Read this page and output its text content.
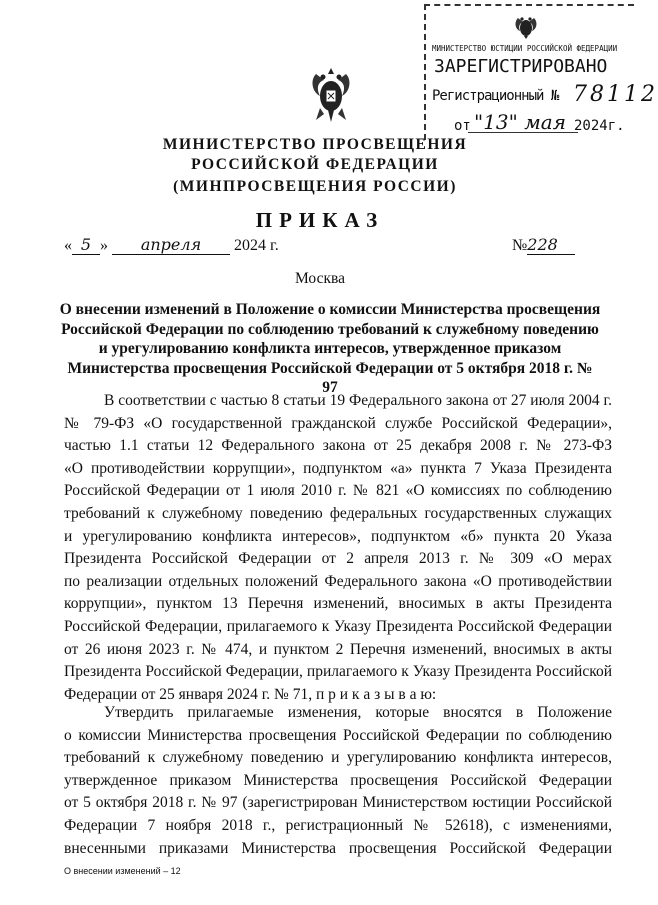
МИНИСТЕРСТВО ЮСТИЦИИ РОССИЙСКОЙ ФЕДЕРАЦИИ
ЗАРЕГИСТРИРОВАНО
Регистрационный № 78112
от "13" мая 2024г.
МИНИСТЕРСТВО ПРОСВЕЩЕНИЯ
РОССИЙСКОЙ ФЕДЕРАЦИИ
(МИНПРОСВЕЩЕНИЯ РОССИИ)
ПРИКАЗ
« 5 » апреля 2024 г.	№228
Москва
О внесении изменений в Положение о комиссии Министерства просвещения
Российской Федерации по соблюдению требований к служебному поведению
и урегулированию конфликта интересов, утвержденное приказом
Министерства просвещения Российской Федерации от 5 октября 2018 г. № 97
В соответствии с частью 8 статьи 19 Федерального закона от 27 июля 2004 г.
№ 79-ФЗ «О государственной гражданской службе Российской Федерации»,
частью 1.1 статьи 12 Федерального закона от 25 декабря 2008 г. № 273-ФЗ
«О противодействии коррупции», подпунктом «а» пункта 7 Указа Президента
Российской Федерации от 1 июля 2010 г. № 821 «О комиссиях по соблюдению
требований к служебному поведению федеральных государственных служащих
и урегулированию конфликта интересов», подпунктом «б» пункта 20 Указа
Президента Российской Федерации от 2 апреля 2013 г. № 309 «О мерах
по реализации отдельных положений Федерального закона «О противодействии
коррупции», пунктом 13 Перечня изменений, вносимых в акты Президента
Российской Федерации, прилагаемого к Указу Президента Российской Федерации
от 26 июня 2023 г. № 474, и пунктом 2 Перечня изменений, вносимых в акты
Президента Российской Федерации, прилагаемого к Указу Президента Российской
Федерации от 25 января 2024 г. № 71, п р и к а з ы в а ю:
Утвердить прилагаемые изменения, которые вносятся в Положение
о комиссии Министерства просвещения Российской Федерации по соблюдению
требований к служебному поведению и урегулированию конфликта интересов,
утвержденное приказом Министерства просвещения Российской Федерации
от 5 октября 2018 г. № 97 (зарегистрирован Министерством юстиции Российской
Федерации 7 ноября 2018 г., регистрационный № 52618), с изменениями,
внесенными приказами Министерства просвещения Российской Федерации
О внесении изменений – 12
